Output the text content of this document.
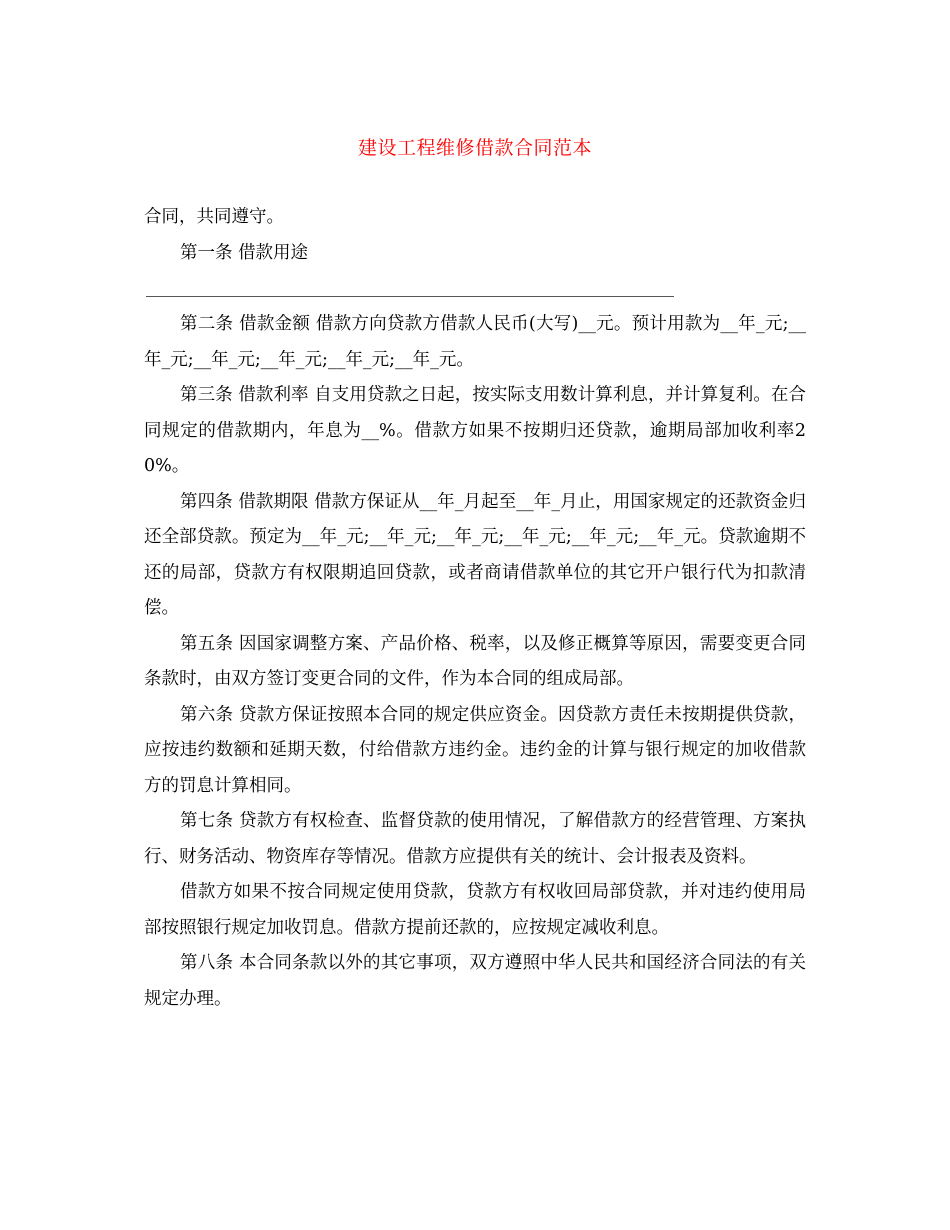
建设工程维修借款合同范本

合同，共同遵守。

第一条 借款用途

第二条 借款金额 借款方向贷款方借款人民币(大写)__元。预计用款为__年_元;__年_元;__年_元;__年_元;__年_元;__年_元。

第三条 借款利率 自支用贷款之日起，按实际支用数计算利息，并计算复利。在合同规定的借款期内，年息为__%。借款方如果不按期归还贷款，逾期局部加收利率20%。

第四条 借款期限 借款方保证从__年_月起至__年_月止，用国家规定的还款资金归还全部贷款。预定为__年_元;__年_元;__年_元;__年_元;__年_元;__年_元。贷款逾期不还的局部，贷款方有权限期追回贷款，或者商请借款单位的其它开户银行代为扣款清偿。

第五条 因国家调整方案、产品价格、税率，以及修正概算等原因，需要变更合同条款时，由双方签订变更合同的文件，作为本合同的组成局部。

第六条 贷款方保证按照本合同的规定供应资金。因贷款方责任未按期提供贷款，应按违约数额和延期天数，付给借款方违约金。违约金的计算与银行规定的加收借款方的罚息计算相同。

第七条 贷款方有权检查、监督贷款的使用情况，了解借款方的经营管理、方案执行、财务活动、物资库存等情况。借款方应提供有关的统计、会计报表及资料。

借款方如果不按合同规定使用贷款，贷款方有权收回局部贷款，并对违约使用局部按照银行规定加收罚息。借款方提前还款的，应按规定减收利息。

第八条 本合同条款以外的其它事项，双方遵照中华人民共和国经济合同法的有关规定办理。
